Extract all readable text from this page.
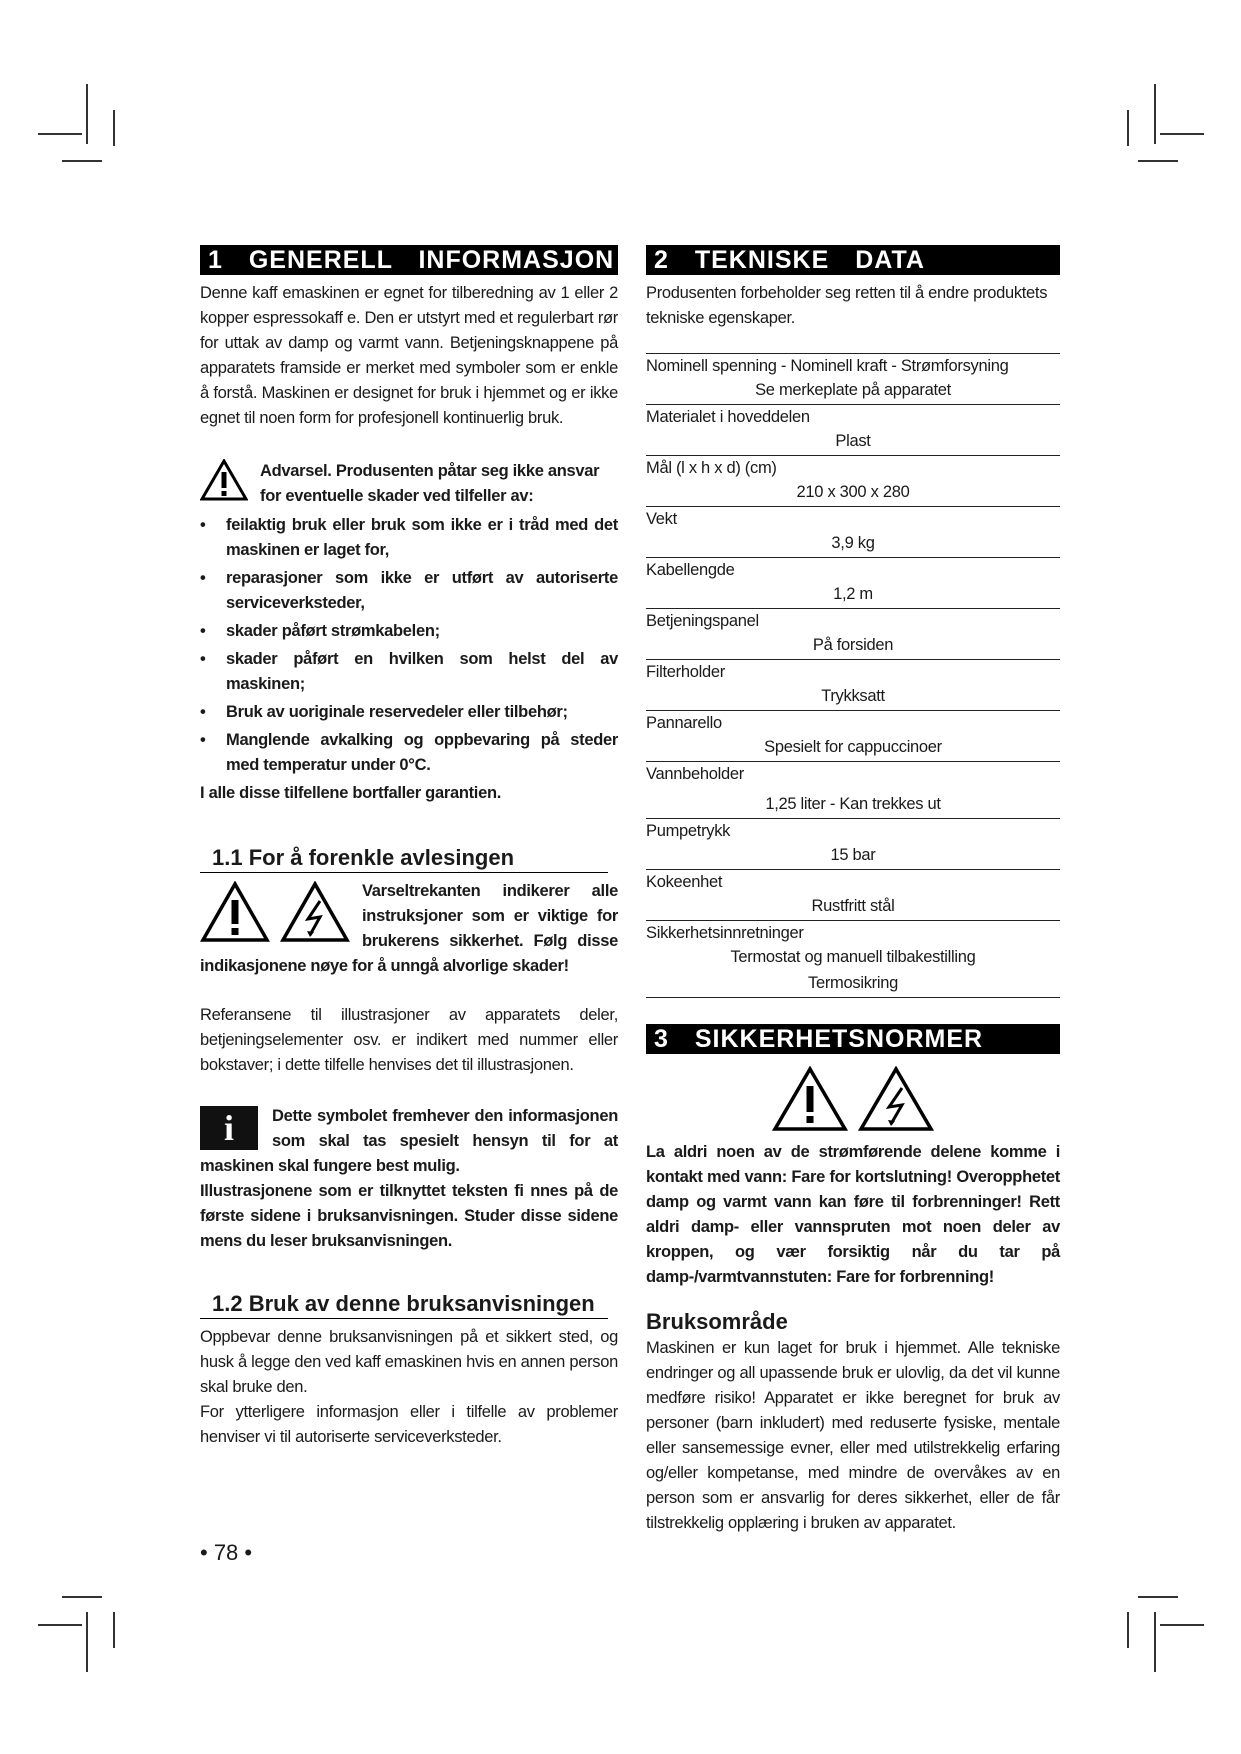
1 GENERELL INFORMASJON

Denne kaff emaskinen er egnet for tilberedning av 1 eller 2 kopper espressokaff e. Den er utstyrt med et regulerbart rør for uttak av damp og varmt vann. Betjeningsknappene på apparatets framside er merket med symboler som er enkle å forstå. Maskinen er designet for bruk i hjemmet og er ikke egnet til noen form for profesjonell kontinuerlig bruk.

Advarsel. Produsenten påtar seg ikke ansvar for eventuelle skader ved tilfeller av:
• feilaktig bruk eller bruk som ikke er i tråd med det maskinen er laget for,
• reparasjoner som ikke er utført av autoriserte serviceverksteder,
• skader påført strømkabelen;
• skader påført en hvilken som helst del av maskinen;
• Bruk av uoriginale reservedeler eller tilbehør;
• Manglende avkalking og oppbevaring på steder med temperatur under 0°C.

I alle disse tilfellene bortfaller garantien.

1.1 For å forenkle avlesingen

Varseltrekanten indikerer alle instruksjoner som er viktige for brukerens sikkerhet. Følg disse indikasjonene nøye for å unngå alvorlige skader!

Referansene til illustrasjoner av apparatets deler, betjeningselementer osv. er indikert med nummer eller bokstaver; i dette tilfelle henvises det til illustrasjonen.

i	Dette symbolet fremhever den informasjonen som skal tas spesielt hensyn til for at maskinen skal fungere best mulig.

Illustrasjonene som er tilknyttet teksten fi nnes på de første sidene i bruksanvisningen. Studer disse sidene mens du leser bruksanvisningen.

1.2 Bruk av denne bruksanvisningen

Oppbevar denne bruksanvisningen på et sikkert sted, og husk å legge den ved kaff emaskinen hvis en annen person skal bruke den.

For ytterligere informasjon eller i tilfelle av problemer henviser vi til autoriserte serviceverksteder.

2 TEKNISKE DATA

Produsenten forbeholder seg retten til å endre produktets tekniske egenskaper.

Nominell spenning - Nominell kraft - Strømforsyning
Se merkeplate på apparatet
Materialet i hoveddelen
Plast
Mål (l x h x d) (cm)
210 x 300 x 280
Vekt
3,9 kg
Kabellengde
1,2 m
Betjeningspanel
På forsiden
Filterholder
Trykksatt
Pannarello
Spesielt for cappuccinoer
Vannbeholder
1,25 liter - Kan trekkes ut
Pumpetrykk
15 bar
Kokeenhet
Rustfritt stål
Sikkerhetsinnretninger
Termostat og manuell tilbakestilling
Termosikring
3 SIKKERHETSNORMER

La aldri noen av de strømførende delene komme i kontakt med vann: Fare for kortslutning! Overopphetet damp og varmt vann kan føre til forbrenninger! Rett aldri damp- eller vannspruten mot noen deler av kroppen, og vær forsiktig når du tar på damp-/varmtvannstuten: Fare for forbrenning!

Bruksområde

Maskinen er kun laget for bruk i hjemmet. Alle tekniske endringer og all upassende bruk er ulovlig, da det vil kunne medføre risiko! Apparatet er ikke beregnet for bruk av personer (barn inkludert) med reduserte fysiske, mentale eller sansemessige evner, eller med utilstrekkelig erfaring og/eller kompetanse, med mindre de overvåkes av en person som er ansvarlig for deres sikkerhet, eller de får tilstrekkelig opplæring i bruken av apparatet.

• 78 •
